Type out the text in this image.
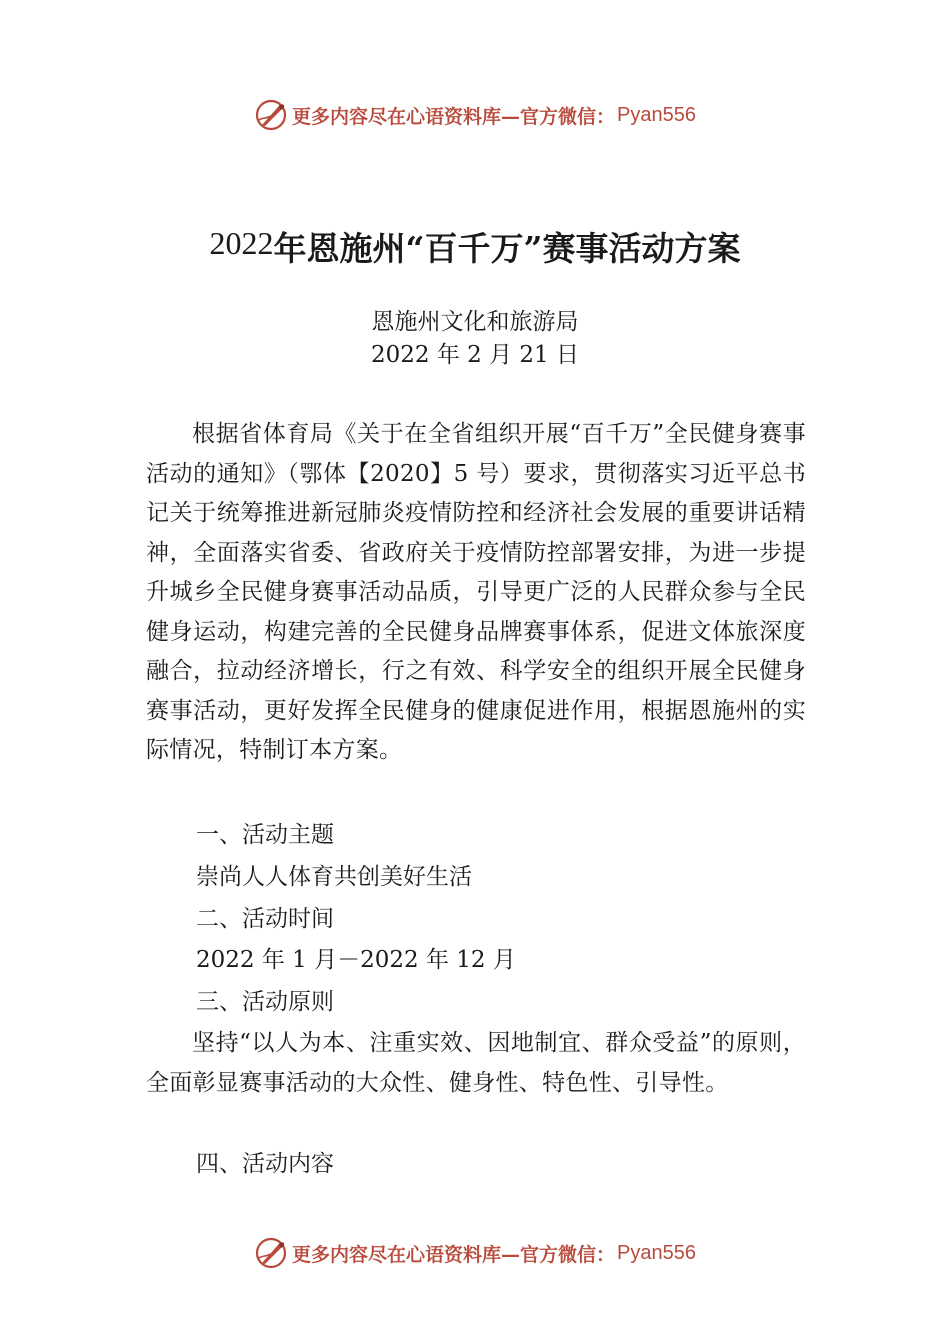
更多内容尽在心语资料库—官方微信： Pyan556
2022年恩施州“百千万”赛事活动方案
恩施州文化和旅游局
2022 年 2 月 21 日
根据省体育局《关于在全省组织开展“百千万”全民健身赛事活动的通知》（鄂体【2020】5 号）要求，贯彻落实习近平总书记关于统筹推进新冠肺炎疫情防控和经济社会发展的重要讲话精神，全面落实省委、省政府关于疫情防控部署安排，为进一步提升城乡全民健身赛事活动品质，引导更广泛的人民群众参与全民健身运动，构建完善的全民健身品牌赛事体系，促进文体旅深度融合，拉动经济增长，行之有效、科学安全的组织开展全民健身赛事活动，更好发挥全民健身的健康促进作用，根据恩施州的实际情况，特制订本方案。
一、活动主题
崇尚人人体育共创美好生活
二、活动时间
2022 年 1 月－2022 年 12 月
三、活动原则
坚持“以人为本、注重实效、因地制宜、群众受益”的原则，全面彰显赛事活动的大众性、健身性、特色性、引导性。
四、活动内容
更多内容尽在心语资料库—官方微信： Pyan556
